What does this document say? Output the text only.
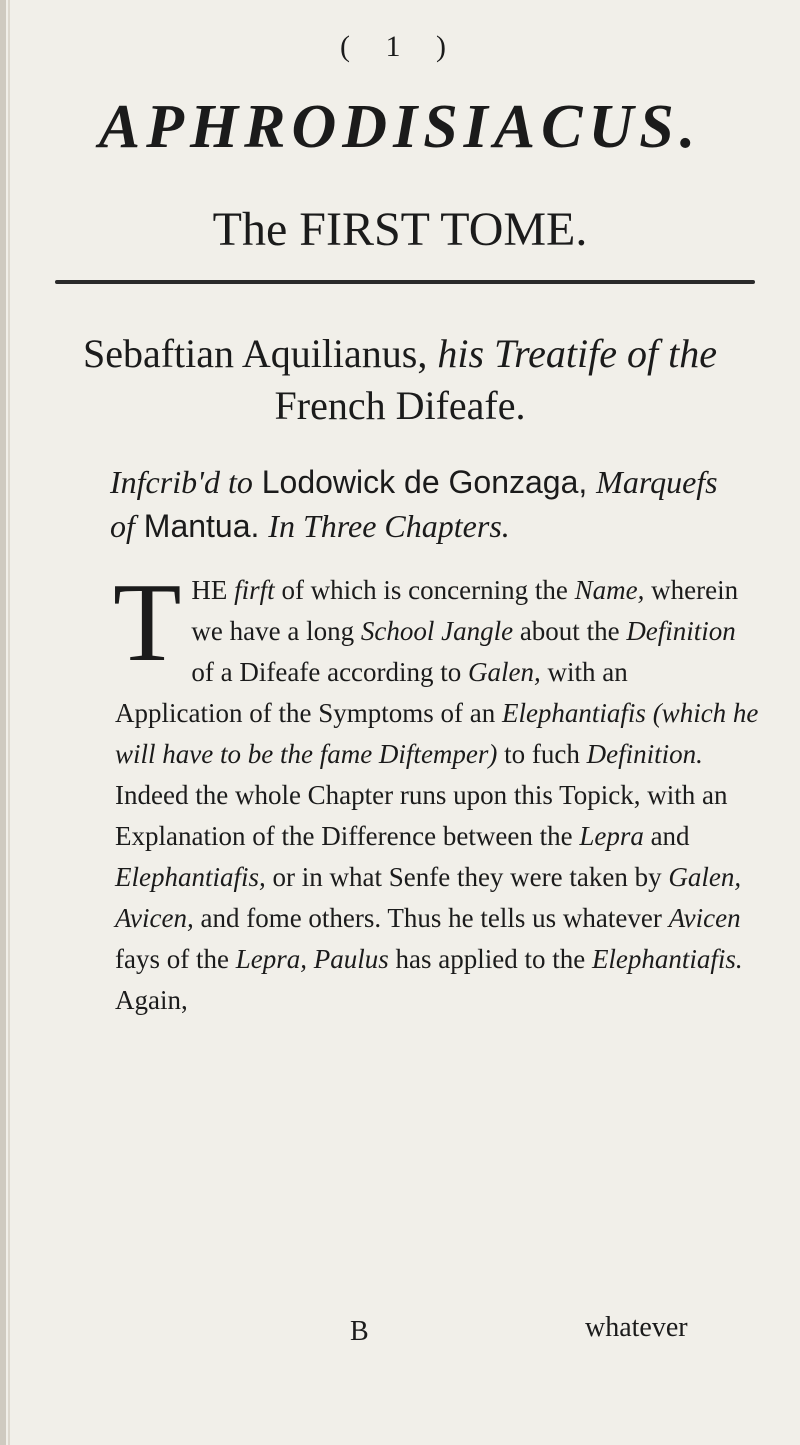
( 1 )
APHRODISIACUS.
The FIRST TOME.
Sebaftian Aquilianus, his Treatife of the
French Difeafe.
Infcrib'd to Lodowick de Gonzaga, Marquefs of Mantua. In Three Chapters.
T HE firft of which is concerning the Name, wherein we have a long School Jangle about the Definition of a Difeafe according to Galen, with an Application of the Symptoms of an Elephantiafis (which he will have to be the fame Diftemper) to fuch Definition. Indeed the whole Chapter runs upon this Topick, with an Explanation of the Difference between the Lepra and Elephantiafis, or in what Senfe they were taken by Galen, Avicen, and fome others. Thus he tells us whatever Avicen fays of the Lepra, Paulus has applied to the Elephantiafis. Again,
B	whatever
